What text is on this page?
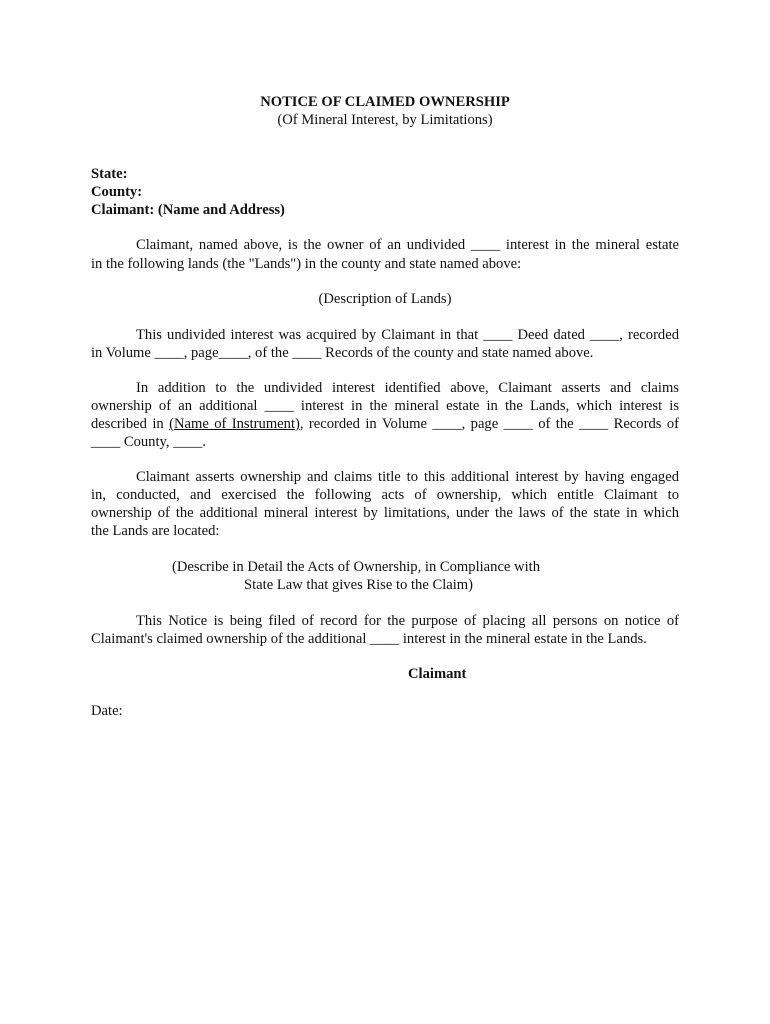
NOTICE OF CLAIMED OWNERSHIP
(Of Mineral Interest, by Limitations)
State:
County:
Claimant: (Name and Address)
Claimant, named above, is the owner of an undivided ____ interest in the mineral estate
in the following lands (the "Lands") in the county and state named above:
(Description of Lands)
This undivided interest was acquired by Claimant in that ____ Deed dated ____, recorded
in Volume ____, page____, of the ____ Records of the county and state named above.
In addition to the undivided interest identified above, Claimant asserts and claims
ownership of an additional ____ interest in the mineral estate in the Lands, which interest is
described in (Name of Instrument), recorded in Volume ____, page ____ of the ____ Records of
____ County, ____.
Claimant asserts ownership and claims title to this additional interest by having engaged
in, conducted, and exercised the following acts of ownership, which entitle Claimant to
ownership of the additional mineral interest by limitations, under the laws of the state in which
the Lands are located:
(Describe in Detail the Acts of Ownership, in Compliance with
State Law that gives Rise to the Claim)
This Notice is being filed of record for the purpose of placing all persons on notice of
Claimant's claimed ownership of the additional ____ interest in the mineral estate in the Lands.
Claimant
Date:
